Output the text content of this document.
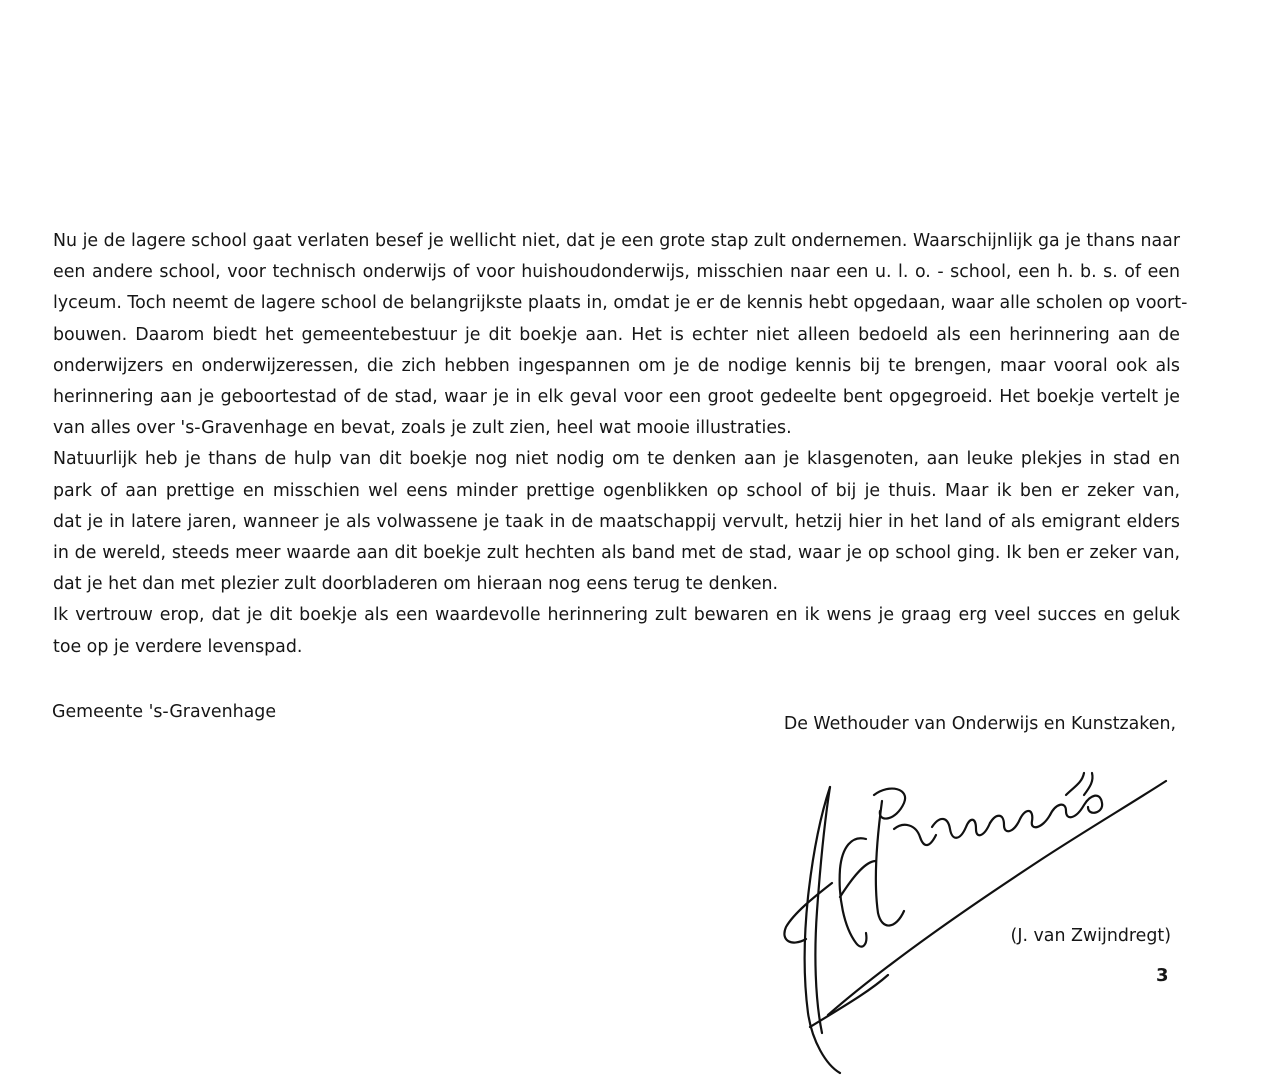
Nu je de lagere school gaat verlaten besef je wellicht niet, dat je een grote stap zult ondernemen. Waarschijnlijk ga je thans naar
een andere school, voor technisch onderwijs of voor huishoudonderwijs, misschien naar een u. l. o. - school, een h. b. s. of een
lyceum. Toch neemt de lagere school de belangrijkste plaats in, omdat je er de kennis hebt opgedaan, waar alle scholen op voort-
bouwen. Daarom biedt het gemeentebestuur je dit boekje aan. Het is echter niet alleen bedoeld als een herinnering aan de
onderwijzers en onderwijzeressen, die zich hebben ingespannen om je de nodige kennis bij te brengen, maar vooral ook als
herinnering aan je geboortestad of de stad, waar je in elk geval voor een groot gedeelte bent opgegroeid. Het boekje vertelt je
van alles over 's-Gravenhage en bevat, zoals je zult zien, heel wat mooie illustraties.
Natuurlijk heb je thans de hulp van dit boekje nog niet nodig om te denken aan je klasgenoten, aan leuke plekjes in stad en
park of aan prettige en misschien wel eens minder prettige ogenblikken op school of bij je thuis. Maar ik ben er zeker van,
dat je in latere jaren, wanneer je als volwassene je taak in de maatschappij vervult, hetzij hier in het land of als emigrant elders
in de wereld, steeds meer waarde aan dit boekje zult hechten als band met de stad, waar je op school ging. Ik ben er zeker van,
dat je het dan met plezier zult doorbladeren om hieraan nog eens terug te denken.
Ik vertrouw erop, dat je dit boekje als een waardevolle herinnering zult bewaren en ik wens je graag erg veel succes en geluk
toe op je verdere levenspad.
Gemeente 's-Gravenhage
De Wethouder van Onderwijs en Kunstzaken,
(J. van Zwijndregt)
3
